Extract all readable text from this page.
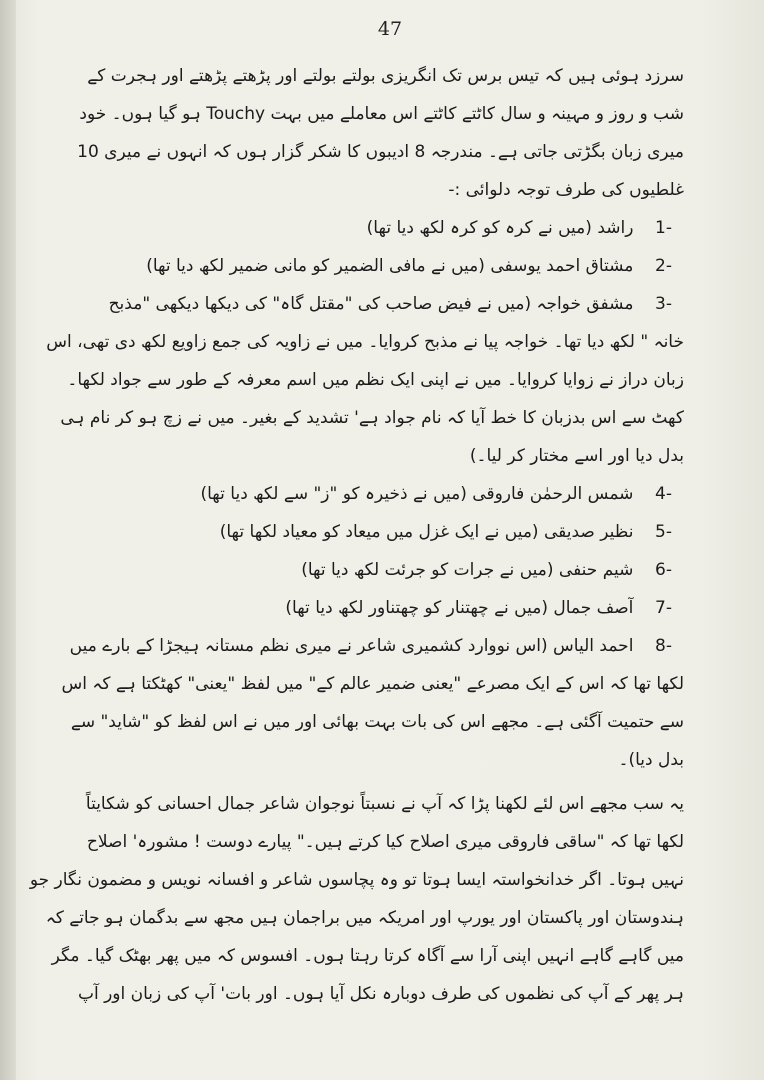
47
سرزد ہوئی ہیں کہ تیس برس تک انگریزی بولتے بولتے اور پڑھتے پڑھتے اور ہجرت کے
شب و روز و مہینہ و سال کاٹتے کاٹتے اس معاملے میں بہت Touchy ہو گیا ہوں۔ خود
میری زبان بگڑتی جاتی ہے۔ مندرجہ 8 ادیبوں کا شکر گزار ہوں کہ انہوں نے میری 10
غلطیوں کی طرف توجہ دلوائی :-
1-    راشد (میں نے کرہ کو کرہ لکھ دیا تھا)
2-    مشتاق احمد یوسفی (میں نے مافی الضمیر کو مانی ضمیر لکھ دیا تھا)
3-    مشفق خواجہ (میں نے فیض صاحب کی "مقتل گاہ" کی دیکھا دیکھی "مذبح
خانہ " لکھ دیا تھا۔ خواجہ پیا نے مذبح کروایا۔ میں نے زاویہ کی جمع زاویع لکھ دی تھی، اس
زبان دراز نے زوایا کروایا۔ میں نے اپنی ایک نظم میں اسم معرفہ کے طور سے جواد لکھا۔
کھٹ سے اس بدزبان کا خط آیا کہ نام جواد ہے' تشدید کے بغیر۔ میں نے زچ ہو کر نام ہی
بدل دیا اور اسے مختار کر لیا۔)
4-    شمس الرحمٰن فاروقی (میں نے ذخیرہ کو "ز" سے لکھ دیا تھا)
5-    نظیر صدیقی (میں نے ایک غزل میں میعاد کو معیاد لکھا تھا)
6-    شیم حنفی (میں نے جرات کو جرئت لکھ دیا تھا)
7-    آصف جمال (میں نے چھتنار کو چھتناور لکھ دیا تھا)
8-    احمد الیاس (اس نووارد کشمیری شاعر نے میری نظم مستانہ ہیجڑا کے بارے میں
لکھا تھا کہ اس کے ایک مصرعے "یعنی ضمیر عالم کے" میں لفظ "یعنی" کھٹکتا ہے کہ اس
سے حتمیت آگئی ہے۔ مجھے اس کی بات بہت بھائی اور میں نے اس لفظ کو "شاید" سے
بدل دیا)۔
یہ سب مجھے اس لئے لکھنا پڑا کہ آپ نے نسبتاً نوجوان شاعر جمال احسانی کو شکایتاً
لکھا تھا کہ "ساقی فاروقی میری اصلاح کیا کرتے ہیں۔" پیارے دوست ! مشورہ' اصلاح
نہیں ہوتا۔ اگر خدانخواستہ ایسا ہوتا تو وہ پچاسوں شاعر و افسانہ نویس و مضمون نگار جو
ہندوستان اور پاکستان اور یورپ اور امریکہ میں براجمان ہیں مجھ سے بدگمان ہو جاتے کہ
میں گاہے گاہے انہیں اپنی آرا سے آگاہ کرتا رہتا ہوں۔ افسوس کہ میں پھر بھٹک گیا۔ مگر
ہر پھر کے آپ کی نظموں کی طرف دوبارہ نکل آیا ہوں۔ اور بات' آپ کی زبان اور آپ
